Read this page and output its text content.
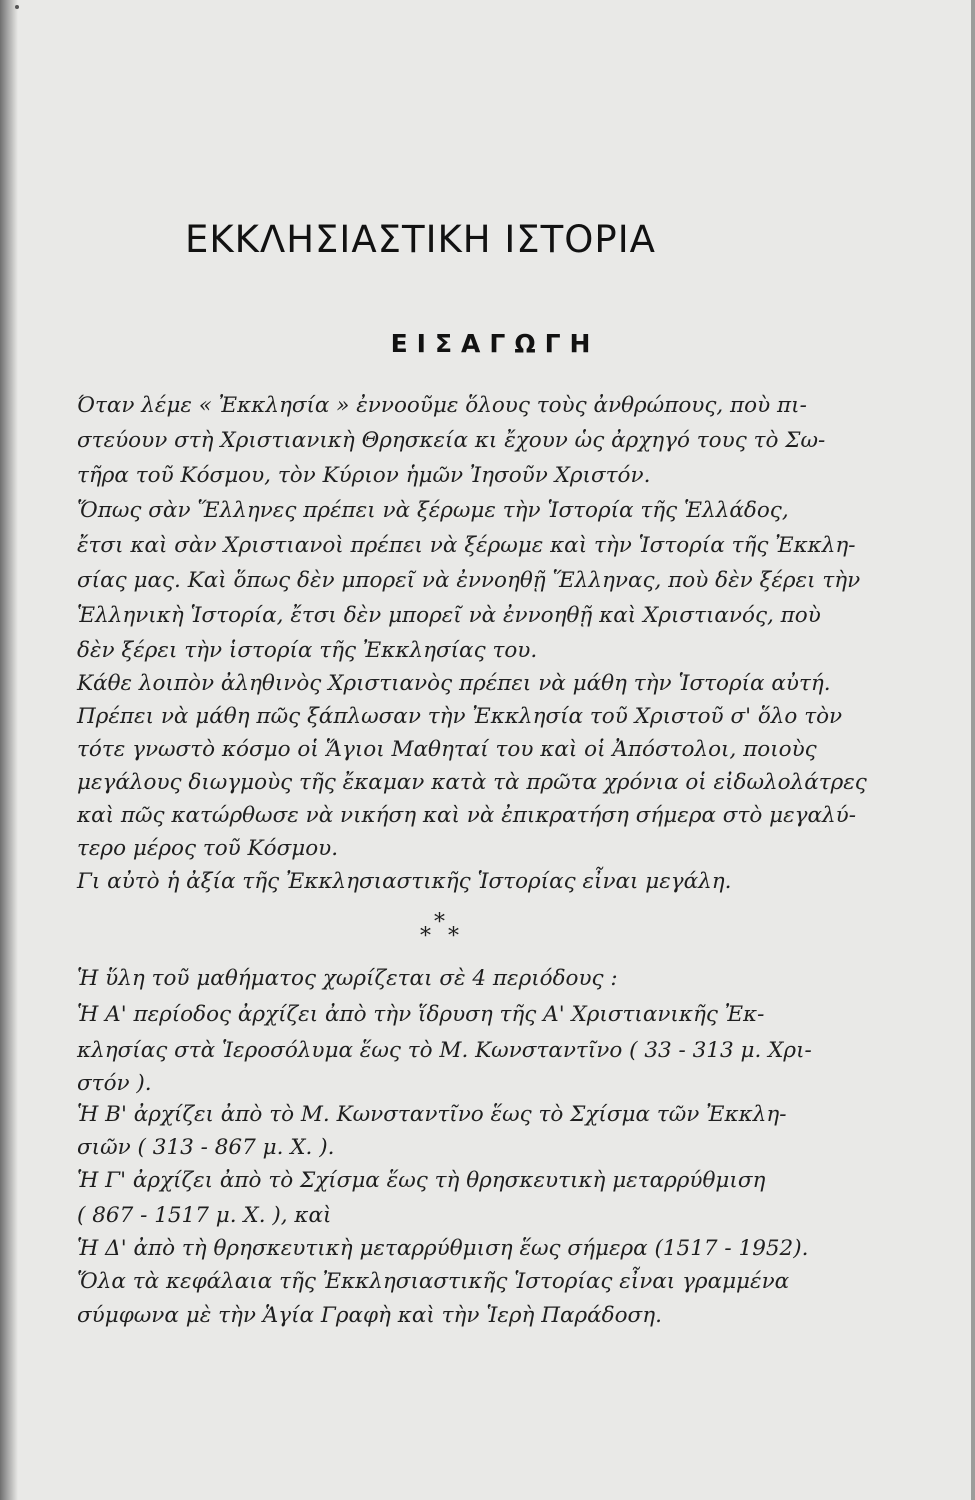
ΕΚΚΛΗΣΙΑΣΤΙΚΗ ΙΣΤΟΡΙΑ
ΕΙΣΑΓΩΓΗ
Όταν λέμε « Ἐκκλησία » ἐννοοῦμε ὅλους τοὺς ἀνθρώπους, ποὺ πι-
στεύουν στὴ Χριστιανικὴ Θρησκεία κι ἔχουν ὡς ἀρχηγό τους τὸ Σω-
τῆρα τοῦ Κόσμου, τὸν Κύριον ἡμῶν Ἰησοῦν Χριστόν.
Ὅπως σὰν Ἕλληνες πρέπει νὰ ξέρωμε τὴν Ἱστορία τῆς Ἑλλάδος,
ἔτσι καὶ σὰν Χριστιανοὶ πρέπει νὰ ξέρωμε καὶ τὴν Ἱστορία τῆς Ἐκκλη-
σίας μας. Καὶ ὅπως δὲν μπορεῖ νὰ ἐννοηθῇ Ἕλληνας, ποὺ δὲν ξέρει τὴν
Ἑλληνικὴ Ἱστορία, ἔτσι δὲν μπορεῖ νὰ ἐννοηθῇ καὶ Χριστιανός, ποὺ
δὲν ξέρει τὴν ἱστορία τῆς Ἐκκλησίας του.
Κάθε λοιπὸν ἀληθινὸς Χριστιανὸς πρέπει νὰ μάθη τὴν Ἱστορία αὐτή.
Πρέπει νὰ μάθη πῶς ξάπλωσαν τὴν Ἐκκλησία τοῦ Χριστοῦ σ' ὅλο τὸν
τότε γνωστὸ κόσμο οἱ Ἅγιοι Μαθηταί του καὶ οἱ Ἀπόστολοι, ποιοὺς
μεγάλους διωγμοὺς τῆς ἔκαμαν κατὰ τὰ πρῶτα χρόνια οἱ εἰδωλολάτρες
καὶ πῶς κατώρθωσε νὰ νικήση καὶ νὰ ἐπικρατήση σήμερα στὸ μεγαλύ-
τερο μέρος τοῦ Κόσμου.
Γι αὐτὸ ἡ ἀξία τῆς Ἐκκλησιαστικῆς Ἱστορίας εἶναι μεγάλη.
*
* *
Ἡ ὕλη τοῦ μαθήματος χωρίζεται σὲ 4 περιόδους :
Ἡ Α' περίοδος ἀρχίζει ἀπὸ τὴν ἵδρυση τῆς Α' Χριστιανικῆς Ἐκ-
κλησίας στὰ Ἱεροσόλυμα ἕως τὸ Μ. Κωνσταντῖνο ( 33 - 313 μ. Χρι-
στόν ).
Ἡ Β' ἀρχίζει ἀπὸ τὸ Μ. Κωνσταντῖνο ἕως τὸ Σχίσμα τῶν Ἐκκλη-
σιῶν ( 313 - 867 μ. Χ. ).
Ἡ Γ' ἀρχίζει ἀπὸ τὸ Σχίσμα ἕως τὴ θρησκευτικὴ μεταρρύθμιση
( 867 - 1517 μ. Χ. ), καὶ
Ἡ Δ' ἀπὸ τὴ θρησκευτικὴ μεταρρύθμιση ἕως σήμερα (1517 - 1952).
Ὅλα τὰ κεφάλαια τῆς Ἐκκλησιαστικῆς Ἱστορίας εἶναι γραμμένα
σύμφωνα μὲ τὴν Ἁγία Γραφὴ καὶ τὴν Ἱερὴ Παράδοση.
